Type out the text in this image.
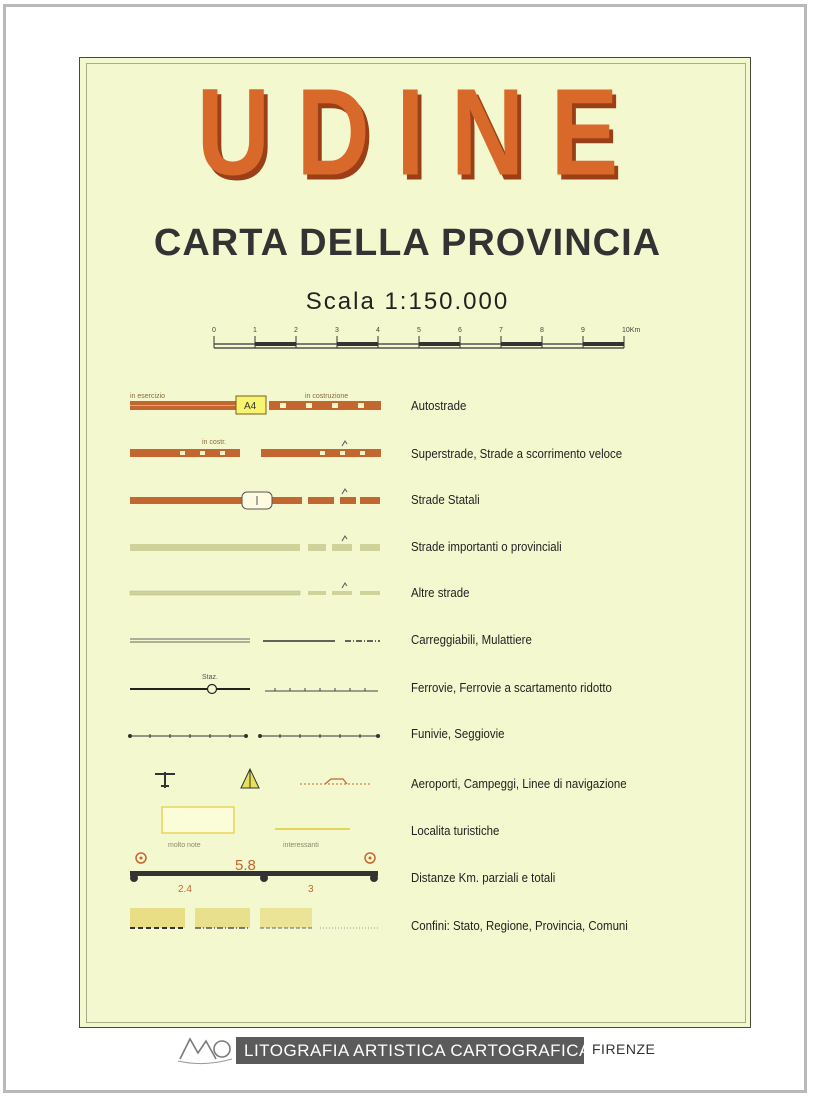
UDINE
CARTA DELLA PROVINCIA
Scala 1:150.000
0	1	2	3	4	5	6	7	8	9	10Km
in esercizio	in costruzione
A4	Autostrade
in costr.
Superstrade, Strade a scorrimento veloce
Strade Statali
Strade importanti o provinciali
Altre strade
Carreggiabili, Mulattiere
Staz.
Ferrovie, Ferrovie a scartamento ridotto
Funivie, Seggiovie
Aeroporti, Campeggi, Linee di navigazione
molto note	interessanti
Localita turistiche
5.8
2.4	3
Distanze Km. parziali e totali
Confini: Stato, Regione, Provincia, Comuni
LITOGRAFIA ARTISTICA CARTOGRAFICA FIRENZE
